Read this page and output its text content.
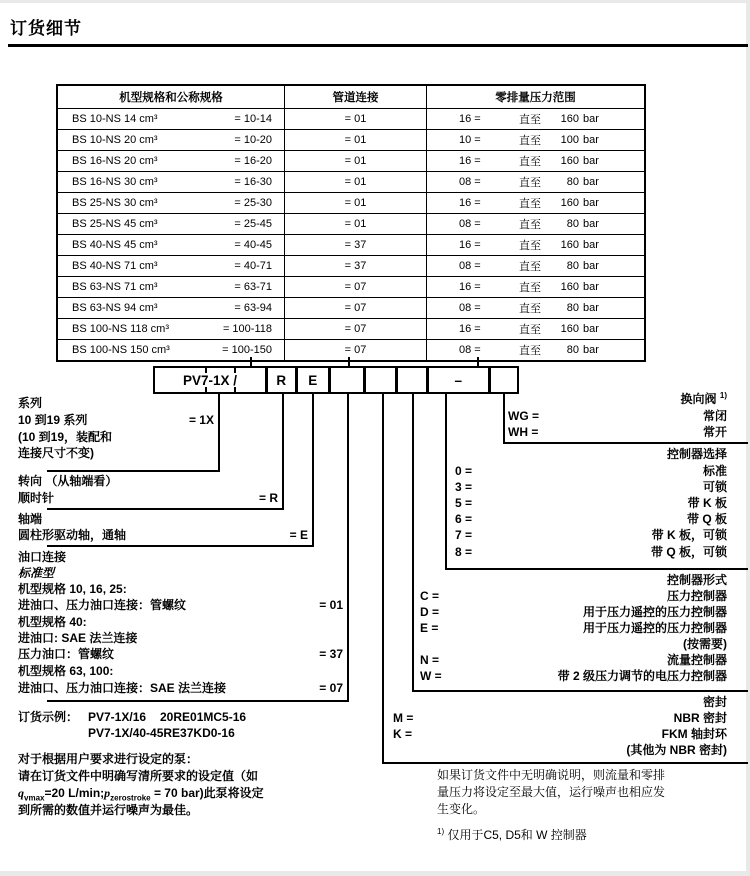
订货细节
机型规格和公称规格	管道连接	零排量压力范围
BS 10-NS 14 cm³	= 10-14	= 01	16 =	直至	160 bar
BS 10-NS 20 cm³	= 10-20	= 01	10 =	直至	100 bar
BS 16-NS 20 cm³	= 16-20	= 01	16 =	直至	160 bar
BS 16-NS 30 cm³	= 16-30	= 01	08 =	直至	80 bar
BS 25-NS 30 cm³	= 25-30	= 01	16 =	直至	160 bar
BS 25-NS 45 cm³	= 25-45	= 01	08 =	直至	80 bar
BS 40-NS 45 cm³	= 40-45	= 37	16 =	直至	160 bar
BS 40-NS 71 cm³	= 40-71	= 37	08 =	直至	80 bar
BS 63-NS 71 cm³	= 63-71	= 07	16 =	直至	160 bar
BS 63-NS 94 cm³	= 63-94	= 07	08 =	直至	80 bar
BS 100-NS 118 cm³	= 100-118	= 07	16 =	直至	160 bar
BS 100-NS 150 cm³	= 100-150	= 07	08 =	直至	80 bar
PV7-1X /	R E	–
系列
10 到19 系列	= 1X
(10 到19，装配和
连接尺寸不变)
转向 （从轴端看）
顺时针	= R
轴端
圆柱形驱动轴，通轴	= E
油口连接
标准型
机型规格 10, 16, 25:
进油口、压力油口连接：管螺纹	= 01
机型规格 40:
进油口: SAE 法兰连接
压力油口：管螺纹	= 37
机型规格 63, 100:
进油口、压力油口连接：SAE 法兰连接	= 07
订货示例： PV7-1X/16 20RE01MC5-16
PV7-1X/40-45RE37KD0-16
对于根据用户要求进行设定的泵：
请在订货文件中明确写清所要求的设定值（如
$q_{vmax}=20$ $L/\min;p_{zerostroke} = 70$ bar)此泵将设定
到所需的数值并运行噪声为最佳。
换向阀 $^{1)}$
WG =	常闭
WH =	常开
控制器选择
0 =	标准
3 =	可锁
5 =	带 K 板
6 =	带 Q 板
7 =	带 K 板，可锁
8 =	带 Q 板，可锁
控制器形式
C =	压力控制器
D =	用于压力遥控的压力控制器
E =	用于压力遥控的压力控制器
(按需要)
N =	流量控制器
W =	带 2 级压力调节的电压力控制器
密封
M =	NBR 密封
K =	FKM 轴封环
(其他为 NBR 密封)
如果订货文件中无明确说明，则流量和零排
量压力将设定至最大值，运行噪声也相应发
生变化。
$^{1)}$ 仅用于C5, D5和 W 控制器
